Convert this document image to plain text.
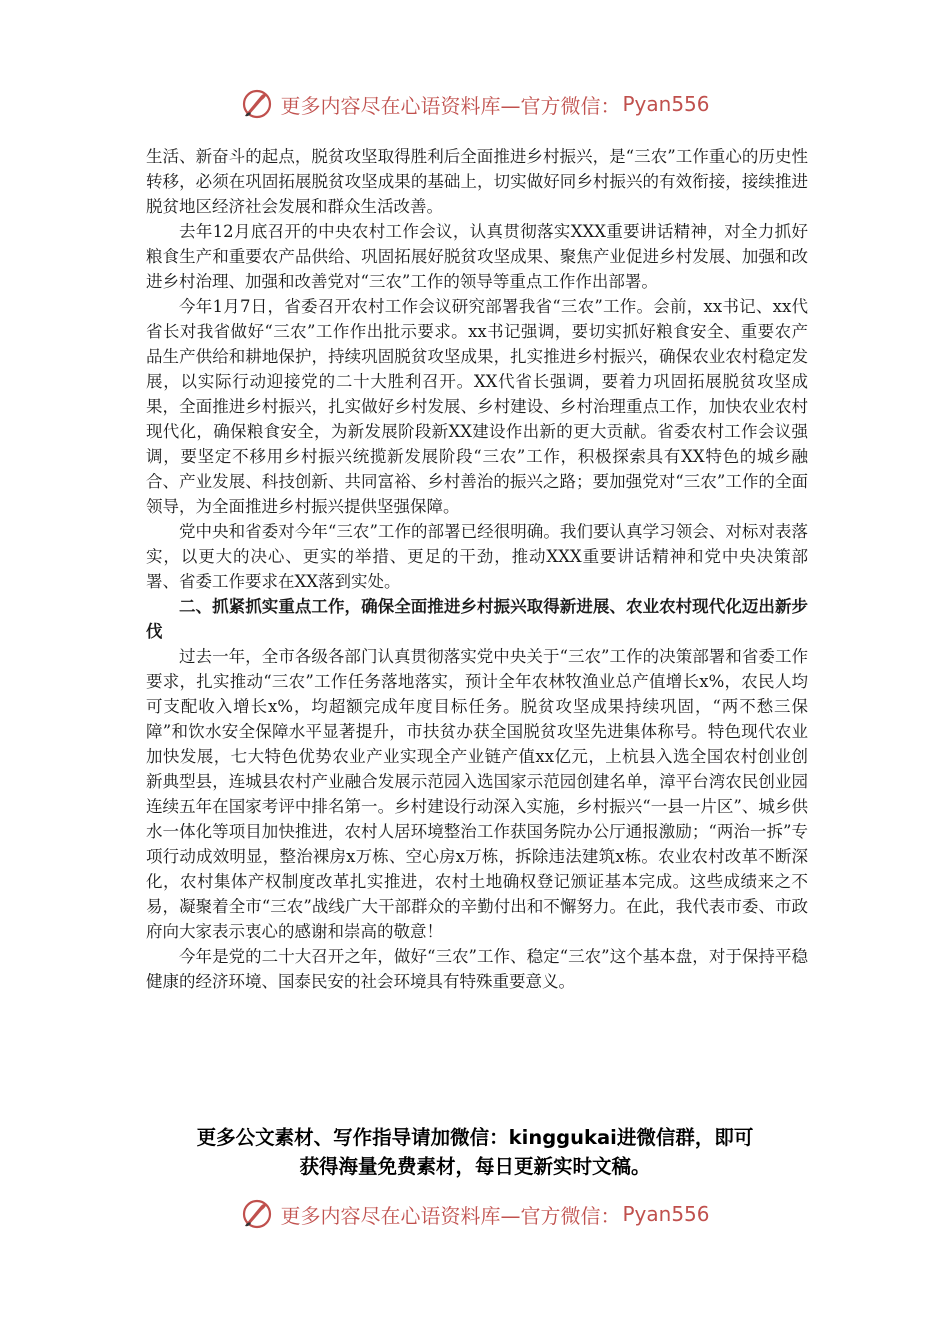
更多内容尽在心语资料库—官方微信： Pyan556

生活、新奋斗的起点，脱贫攻坚取得胜利后全面推进乡村振兴，是“三农”工作重心的历史性转移，必须在巩固拓展脱贫攻坚成果的基础上，切实做好同乡村振兴的有效衔接，接续推进脱贫地区经济社会发展和群众生活改善。

去年12月底召开的中央农村工作会议，认真贯彻落实XXX重要讲话精神，对全力抓好粮食生产和重要农产品供给、巩固拓展好脱贫攻坚成果、聚焦产业促进乡村发展、加强和改进乡村治理、加强和改善党对“三农”工作的领导等重点工作作出部署。

今年1月7日，省委召开农村工作会议研究部署我省“三农”工作。会前，xx书记、xx代省长对我省做好“三农”工作作出批示要求。xx书记强调，要切实抓好粮食安全、重要农产品生产供给和耕地保护，持续巩固脱贫攻坚成果，扎实推进乡村振兴，确保农业农村稳定发展，以实际行动迎接党的二十大胜利召开。XX代省长强调，要着力巩固拓展脱贫攻坚成果，全面推进乡村振兴，扎实做好乡村发展、乡村建设、乡村治理重点工作，加快农业农村现代化，确保粮食安全，为新发展阶段新XX建设作出新的更大贡献。省委农村工作会议强调，要坚定不移用乡村振兴统揽新发展阶段“三农”工作，积极探索具有XX特色的城乡融合、产业发展、科技创新、共同富裕、乡村善治的振兴之路；要加强党对“三农”工作的全面领导，为全面推进乡村振兴提供坚强保障。

党中央和省委对今年“三农”工作的部署已经很明确。我们要认真学习领会、对标对表落实，以更大的决心、更实的举措、更足的干劲，推动XXX重要讲话精神和党中央决策部署、省委工作要求在XX落到实处。

二、抓紧抓实重点工作，确保全面推进乡村振兴取得新进展、农业农村现代化迈出新步伐

过去一年，全市各级各部门认真贯彻落实党中央关于“三农”工作的决策部署和省委工作要求，扎实推动“三农”工作任务落地落实，预计全年农林牧渔业总产值增长x%，农民人均可支配收入增长x%，均超额完成年度目标任务。脱贫攻坚成果持续巩固，“两不愁三保障”和饮水安全保障水平显著提升，市扶贫办获全国脱贫攻坚先进集体称号。特色现代农业加快发展，七大特色优势农业产业实现全产业链产值xx亿元，上杭县入选全国农村创业创新典型县，连城县农村产业融合发展示范园入选国家示范园创建名单，漳平台湾农民创业园连续五年在国家考评中排名第一。乡村建设行动深入实施，乡村振兴“一县一片区”、城乡供水一体化等项目加快推进，农村人居环境整治工作获国务院办公厅通报激励；“两治一拆”专项行动成效明显，整治裸房x万栋、空心房x万栋，拆除违法建筑x栋。农业农村改革不断深化，农村集体产权制度改革扎实推进，农村土地确权登记颁证基本完成。这些成绩来之不易，凝聚着全市“三农”战线广大干部群众的辛勤付出和不懈努力。在此，我代表市委、市政府向大家表示衷心的感谢和崇高的敬意！

今年是党的二十大召开之年，做好“三农”工作、稳定“三农”这个基本盘，对于保持平稳健康的经济环境、国泰民安的社会环境具有特殊重要意义。

更多公文素材、写作指导请加微信：kinggukai进微信群，即可
获得海量免费素材，每日更新实时文稿。
更多内容尽在心语资料库—官方微信： Pyan556
